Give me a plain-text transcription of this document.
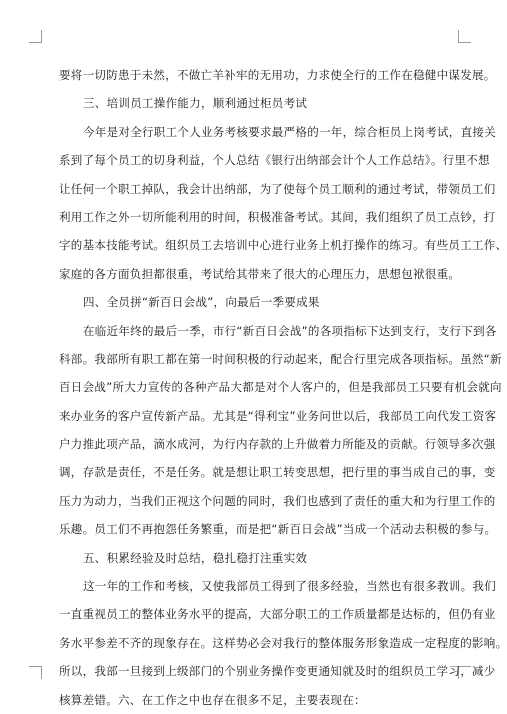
要将一切防患于未然，不做亡羊补牢的无用功，力求使全行的工作在稳健中谋发展。
三、培训员工操作能力，顺利通过柜员考试
今年是对全行职工个人业务考核要求最严格的一年，综合柜员上岗考试，直接关
系到了每个员工的切身利益，个人总结《银行出纳部会计个人工作总结》。行里不想
让任何一个职工掉队，我会计出纳部，为了使每个员工顺利的通过考试，带领员工们
利用工作之外一切所能利用的时间，积极准备考试。其间，我们组织了员工点钞，打
字的基本技能考试。组织员工去培训中心进行业务上机打操作的练习。有些员工工作、
家庭的各方面负担都很重，考试给其带来了很大的心理压力，思想包袱很重。
四、全员拼“新百日会战”，向最后一季要成果
在临近年终的最后一季，市行“新百日会战”的各项指标下达到支行，支行下到各
科部。我部所有职工都在第一时间积极的行动起来，配合行里完成各项指标。虽然“新
百日会战”所大力宣传的各种产品大都是对个人客户的，但是我部员工只要有机会就向
来办业务的客户宣传新产品。尤其是“得利宝”业务问世以后，我部员工向代发工资客
户力推此项产品，滴水成河，为行内存款的上升做着力所能及的贡献。行领导多次强
调，存款是责任，不是任务。就是想让职工转变思想，把行里的事当成自己的事，变
压力为动力，当我们正视这个问题的同时，我们也感到了责任的重大和为行里工作的
乐趣。员工们不再抱怨任务繁重，而是把“新百日会战”当成一个活动去积极的参与。
五、积累经验及时总结，稳扎稳打注重实效
这一年的工作和考核，又使我部员工得到了很多经验，当然也有很多教训。我们
一直重视员工的整体业务水平的提高，大部分职工的工作质量都是达标的，但仍有业
务水平参差不齐的现象存在。这样势必会对我行的整体服务形象造成一定程度的影响。
所以，我部一旦接到上级部门的个别业务操作变更通知就及时的组织员工学习，减少
核算差错。六、在工作之中也存在很多不足，主要表现在：
